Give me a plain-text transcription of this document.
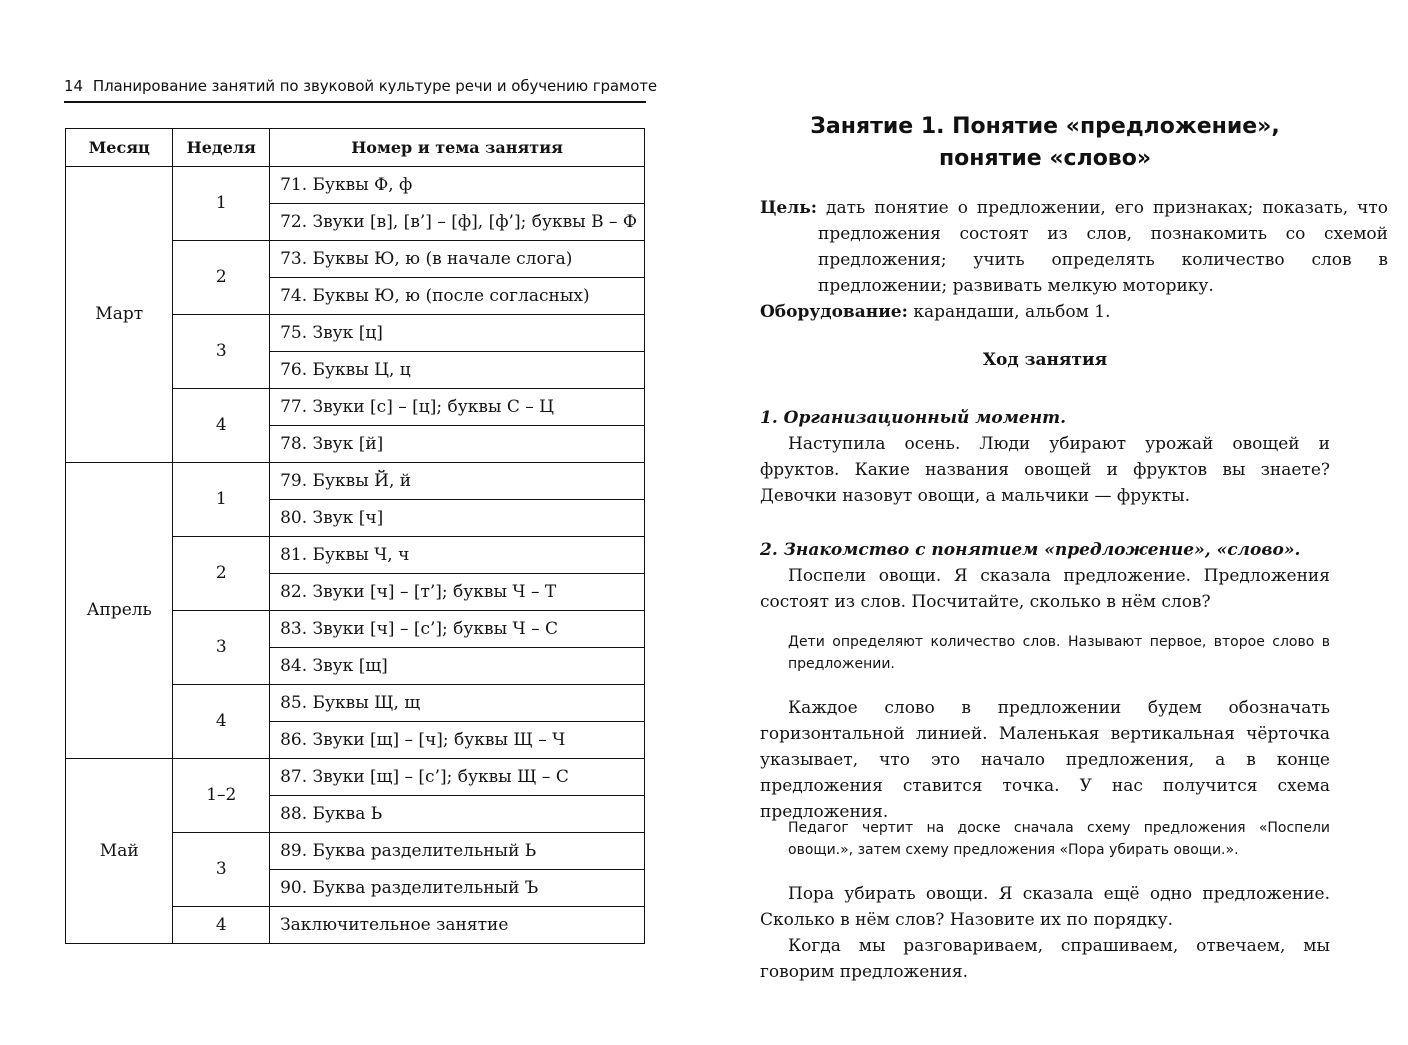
14 Планирование занятий по звуковой культуре речи и обучению грамоте
Месяц	Неделя	Номер и тема занятия
Март	1	71. Буквы Ф, ф
		72. Звуки [в], [в’] – [ф], [ф’]; буквы В – Ф
	2	73. Буквы Ю, ю (в начале слога)
		74. Буквы Ю, ю (после согласных)
	3	75. Звук [ц]
		76. Буквы Ц, ц
	4	77. Звуки [с] – [ц]; буквы С – Ц
		78. Звук [й]
Апрель	1	79. Буквы Й, й
		80. Звук [ч]
	2	81. Буквы Ч, ч
		82. Звуки [ч] – [т’]; буквы Ч – Т
	3	83. Звуки [ч] – [с’]; буквы Ч – С
		84. Звук [щ]
	4	85. Буквы Щ, щ
		86. Звуки [щ] – [ч]; буквы Щ – Ч
Май	1–2	87. Звуки [щ] – [с’]; буквы Щ – С
		88. Буква Ь
	3	89. Буква разделительный Ь
		90. Буква разделительный Ъ
	4	Заключительное занятие
Занятие 1. Понятие «предложение»,
понятие «слово»
Цель: дать понятие о предложении, его признаках; показать, что предложения состоят из слов, познакомить со схемой предложения; учить определять количество слов в предложении; развивать мелкую моторику.
Оборудование: карандаши, альбом 1.
Ход занятия
1. Организационный момент.
Наступила осень. Люди убирают урожай овощей и фруктов. Какие названия овощей и фруктов вы знаете? Девочки назовут овощи, а мальчики — фрукты.
2. Знакомство с понятием «предложение», «слово».
Поспели овощи. Я сказала предложение. Предложения состоят из слов. Посчитайте, сколько в нём слов?
Дети определяют количество слов. Называют первое, второе слово в предложении.
Каждое слово в предложении будем обозначать горизонтальной линией. Маленькая вертикальная чёрточка указывает, что это начало предложения, а в конце предложения ставится точка. У нас получится схема предложения.
Педагог чертит на доске сначала схему предложения «Поспели овощи.», затем схему предложения «Пора убирать овощи.».
Пора убирать овощи. Я сказала ещё одно предложение. Сколько в нём слов? Назовите их по порядку.
Когда мы разговариваем, спрашиваем, отвечаем, мы говорим предложения.
